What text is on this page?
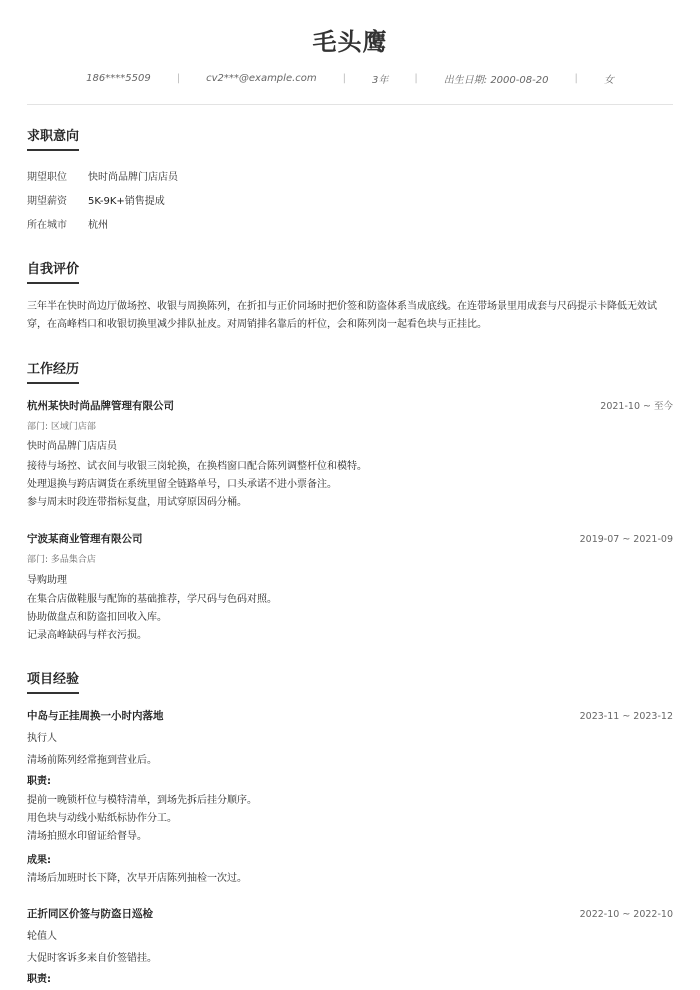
毛头鹰
186****5509	|	cv2***@example.com	|	3年	|	出生日期: 2000-08-20	|	女
求职意向
期望职位 快时尚品牌门店店员
期望薪资 5K-9K+销售提成
所在城市 杭州
自我评价
三年半在快时尚边厅做场控、收银与周换陈列，在折扣与正价同场时把价签和防盗体系当成底线。在连带场景里用成套与尺码提示卡降低无效试穿，在高峰档口和收银切换里减少排队扯皮。对周销排名靠后的杆位，会和陈列岗一起看色块与正挂比。
工作经历
杭州某快时尚品牌管理有限公司	2021-10 ~ 至今
部门: 区域门店部
快时尚品牌门店店员
接待与场控、试衣间与收银三岗轮换，在换档窗口配合陈列调整杆位和模特。
处理退换与跨店调货在系统里留全链路单号，口头承诺不进小票备注。
参与周末时段连带指标复盘，用试穿原因码分桶。
宁波某商业管理有限公司	2019-07 ~ 2021-09
部门: 多品集合店
导购助理
在集合店做鞋服与配饰的基础推荐，学尺码与色码对照。
协助做盘点和防盗扣回收入库。
记录高峰缺码与样衣污损。
项目经验
中岛与正挂周换一小时内落地	2023-11 ~ 2023-12
执行人
清场前陈列经常拖到营业后。
职责:
提前一晚锁杆位与模特清单，到场先拆后挂分顺序。
用色块与动线小贴纸标协作分工。
清场拍照水印留证给督导。
成果:
清场后加班时长下降，次早开店陈列抽检一次过。
正折同区价签与防盗日巡检	2022-10 ~ 2022-10
轮值人
大促时客诉多来自价签错挂。
职责:
